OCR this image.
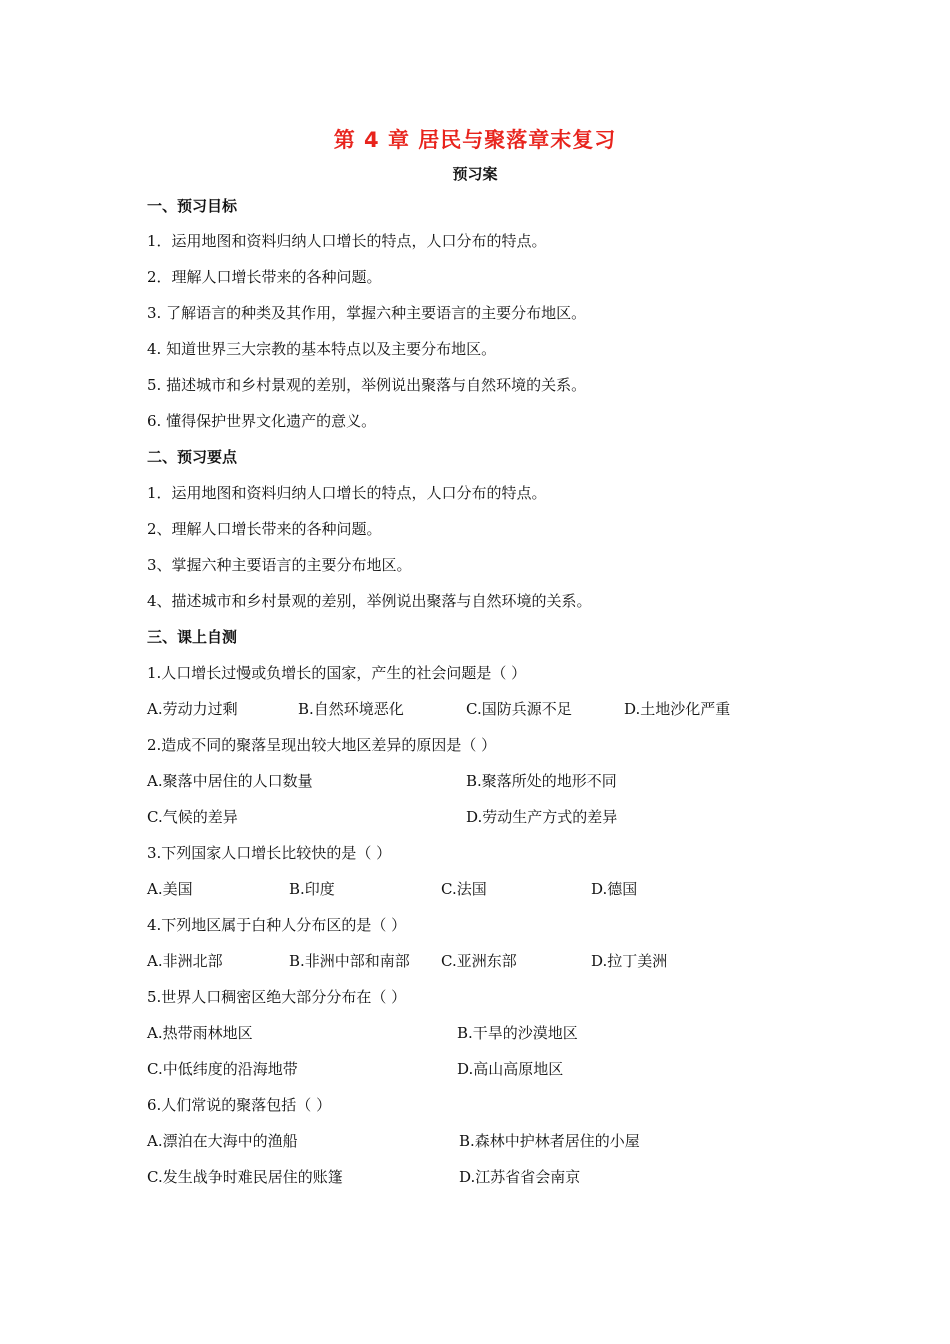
第 4 章 居民与聚落章末复习
预习案
一、预习目标
1．运用地图和资料归纳人口增长的特点，人口分布的特点。
2．理解人口增长带来的各种问题。
3. 了解语言的种类及其作用，掌握六种主要语言的主要分布地区。
4. 知道世界三大宗教的基本特点以及主要分布地区。
5. 描述城市和乡村景观的差别，举例说出聚落与自然环境的关系。
6. 懂得保护世界文化遗产的意义。
二、预习要点
1．运用地图和资料归纳人口增长的特点，人口分布的特点。
2、理解人口增长带来的各种问题。
3、掌握六种主要语言的主要分布地区。
4、描述城市和乡村景观的差别，举例说出聚落与自然环境的关系。
三、课上自测
1.人口增长过慢或负增长的国家，产生的社会问题是（ ）
A.劳动力过剩	B.自然环境恶化	C.国防兵源不足	D.土地沙化严重
2.造成不同的聚落呈现出较大地区差异的原因是（ ）
A.聚落中居住的人口数量	B.聚落所处的地形不同
C.气候的差异	D.劳动生产方式的差异
3.下列国家人口增长比较快的是（ ）
A.美国	B.印度	C.法国	D.德国
4.下列地区属于白种人分布区的是（ ）
A.非洲北部	B.非洲中部和南部 C.亚洲东部	D.拉丁美洲
5.世界人口稠密区绝大部分分布在（ ）
A.热带雨林地区	B.干旱的沙漠地区
C.中低纬度的沿海地带	D.高山高原地区
6.人们常说的聚落包括（ ）
A.漂泊在大海中的渔船	B.森林中护林者居住的小屋
C.发生战争时难民居住的账篷	D.江苏省省会南京
